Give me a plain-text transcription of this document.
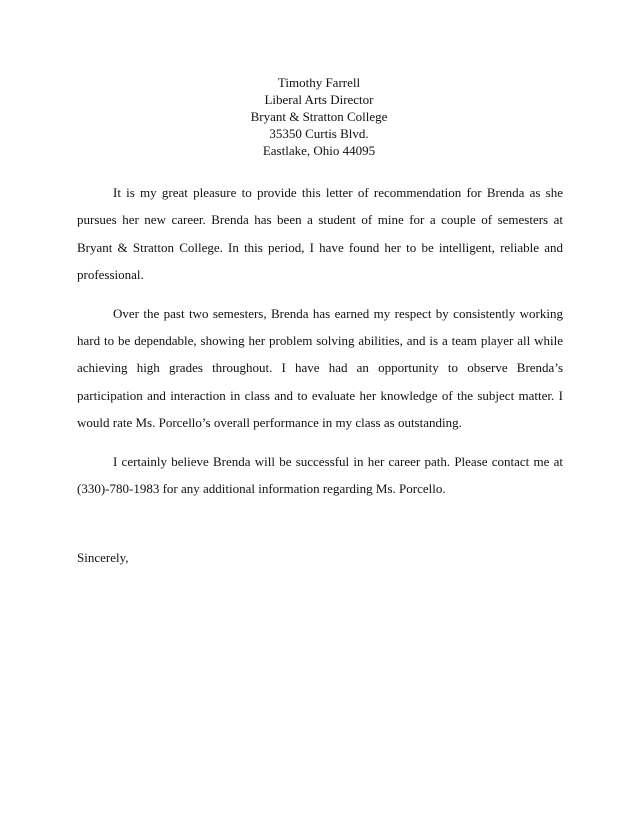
Timothy Farrell
Liberal Arts Director
Bryant & Stratton College
35350 Curtis Blvd.
Eastlake, Ohio 44095

It is my great pleasure to provide this letter of recommendation for Brenda as she pursues her new career. Brenda has been a student of mine for a couple of semesters at Bryant & Stratton College. In this period, I have found her to be intelligent, reliable and professional.

Over the past two semesters, Brenda has earned my respect by consistently working hard to be dependable, showing her problem solving abilities, and is a team player all while achieving high grades throughout. I have had an opportunity to observe Brenda’s participation and interaction in class and to evaluate her knowledge of the subject matter. I would rate Ms. Porcello’s overall performance in my class as outstanding.

I certainly believe Brenda will be successful in her career path. Please contact me at (330)-780-1983 for any additional information regarding Ms. Porcello.

Sincerely,
